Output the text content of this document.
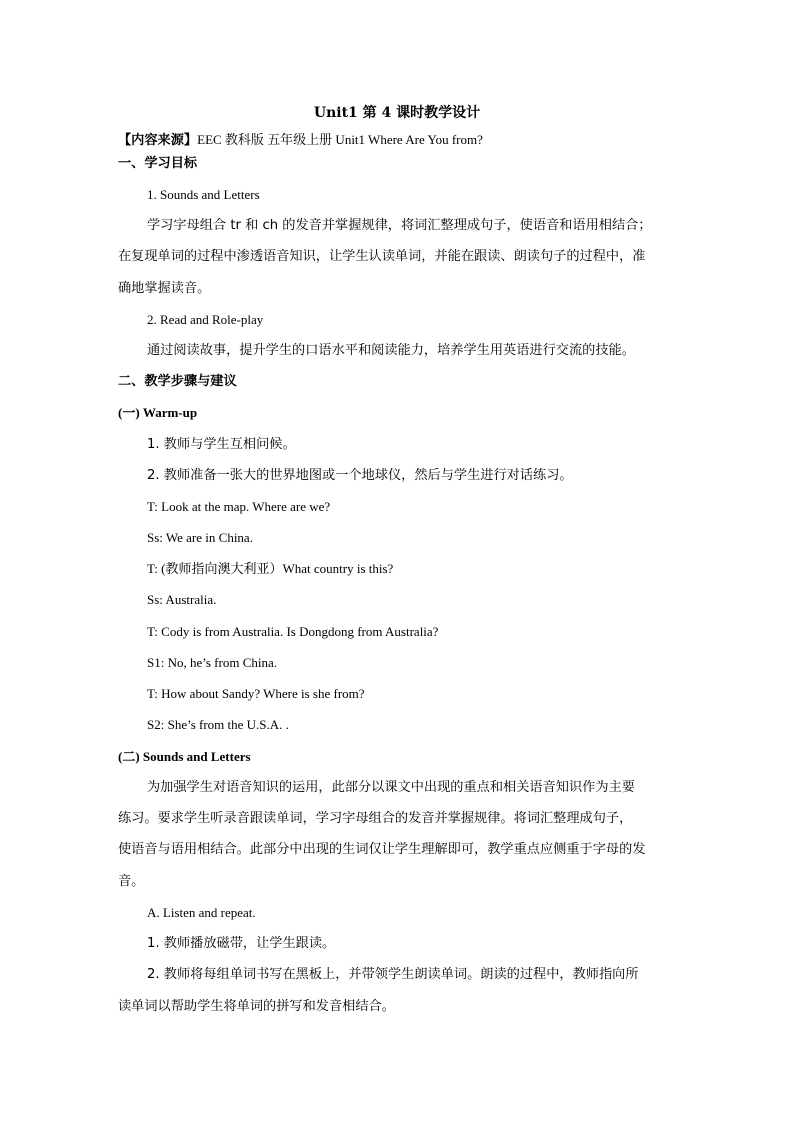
Unit1 第 4 课时教学设计
【内容来源】EEC 教科版 五年级上册 Unit1 Where Are You from?
一、学习目标
1. Sounds and Letters
学习字母组合 tr 和 ch 的发音并掌握规律，将词汇整理成句子，使语音和语用相结合；
在复现单词的过程中渗透语音知识，让学生认读单词，并能在跟读、朗读句子的过程中，准
确地掌握读音。
2. Read and Role-play
通过阅读故事，提升学生的口语水平和阅读能力，培养学生用英语进行交流的技能。
二、教学步骤与建议
(一) Warm-up
1. 教师与学生互相问候。
2. 教师准备一张大的世界地图或一个地球仪，然后与学生进行对话练习。
T: Look at the map. Where are we?
Ss: We are in China.
T: (教师指向澳大利亚）What country is this?
Ss: Australia.
T: Cody is from Australia. Is Dongdong from Australia?
S1: No, he’s from China.
T: How about Sandy? Where is she from?
S2: She’s from the U.S.A. .
(二) Sounds and Letters
为加强学生对语音知识的运用，此部分以课文中出现的重点和相关语音知识作为主要
练习。要求学生听录音跟读单词，学习字母组合的发音并掌握规律。将词汇整理成句子，
使语音与语用相结合。此部分中出现的生词仅让学生理解即可，教学重点应侧重于字母的发
音。
A. Listen and repeat.
1. 教师播放磁带，让学生跟读。
2. 教师将每组单词书写在黑板上，并带领学生朗读单词。朗读的过程中，教师指向所
读单词以帮助学生将单词的拼写和发音相结合。
